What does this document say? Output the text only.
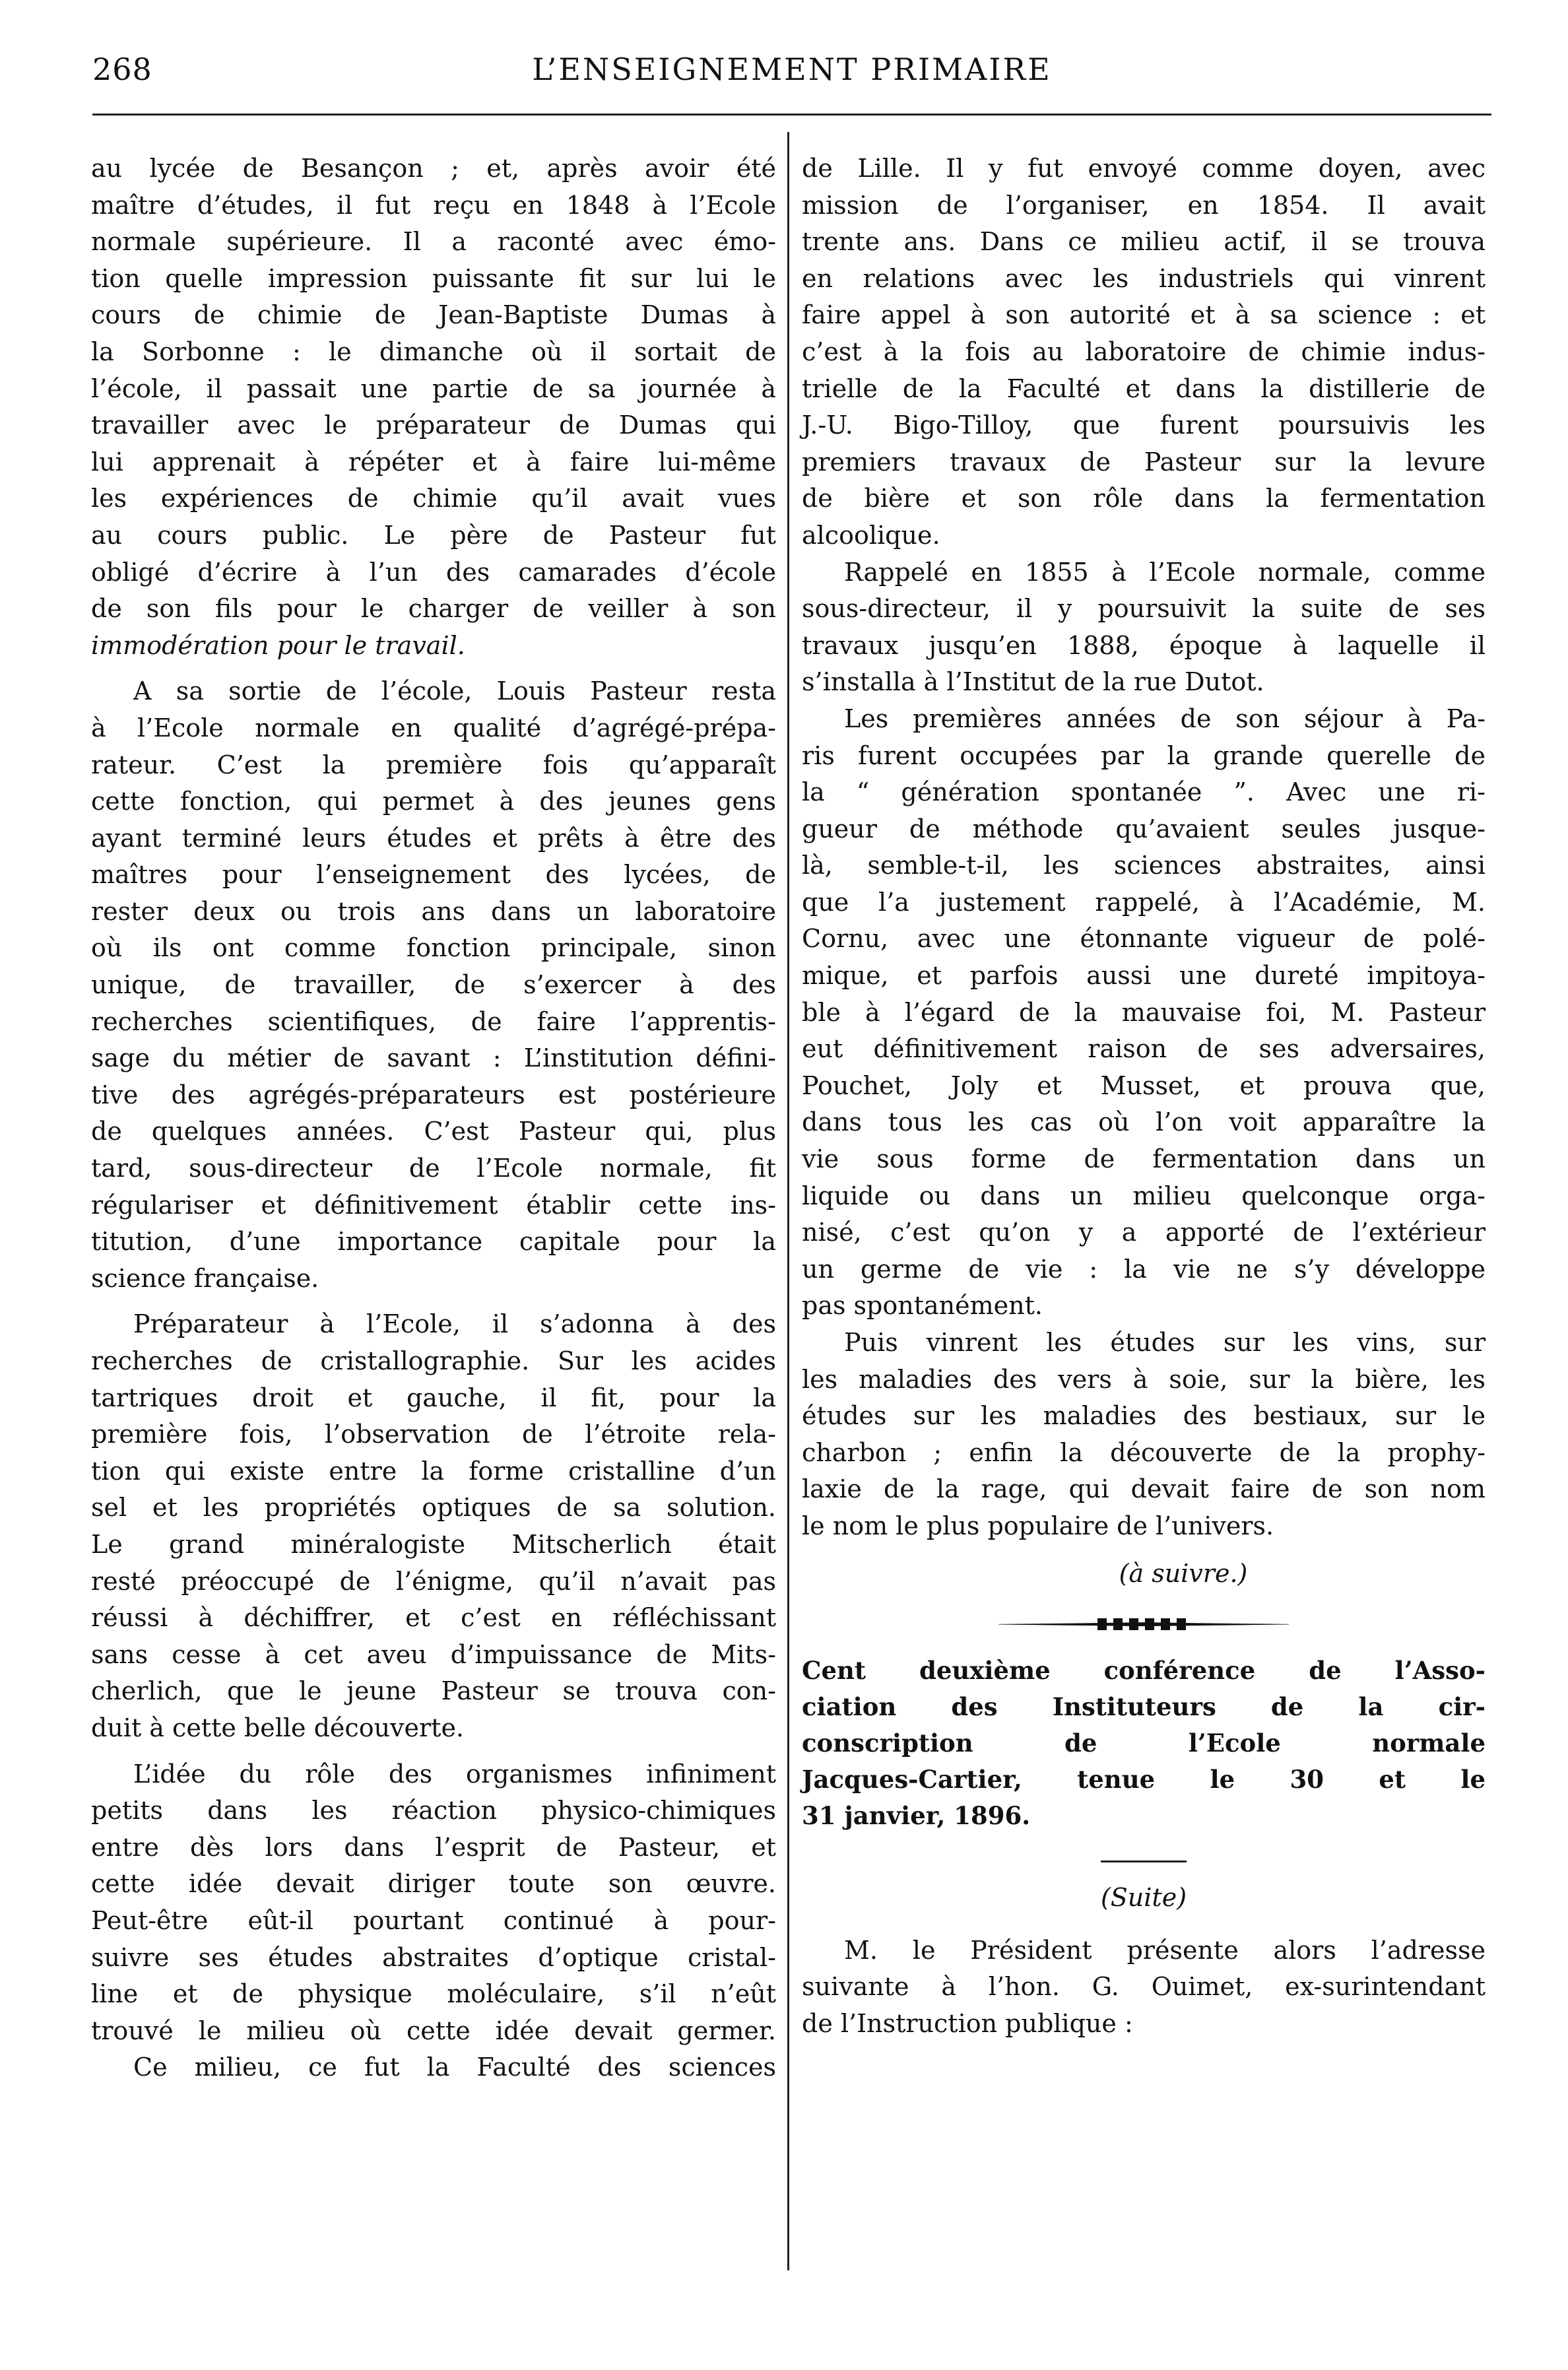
268	L’ENSEIGNEMENT PRIMAIRE
au lycée de Besançon ; et, après avoir été
maître d’études, il fut reçu en 1848 à l’Ecole
normale supérieure. Il a raconté avec émo-
tion quelle impression puissante fit sur lui le
cours de chimie de Jean-Baptiste Dumas à
la Sorbonne : le dimanche où il sortait de
l’école, il passait une partie de sa journée à
travailler avec le préparateur de Dumas qui
lui apprenait à répéter et à faire lui-même
les expériences de chimie qu’il avait vues
au cours public. Le père de Pasteur fut
obligé d’écrire à l’un des camarades d’école
de son fils pour le charger de veiller à son
immodération pour le travail.
A sa sortie de l’école, Louis Pasteur resta
à l’Ecole normale en qualité d’agrégé-prépa-
rateur. C’est la première fois qu’apparaît
cette fonction, qui permet à des jeunes gens
ayant terminé leurs études et prêts à être des
maîtres pour l’enseignement des lycées, de
rester deux ou trois ans dans un laboratoire
où ils ont comme fonction principale, sinon
unique, de travailler, de s’exercer à des
recherches scientifiques, de faire l’apprentis-
sage du métier de savant : L’institution défini-
tive des agrégés-préparateurs est postérieure
de quelques années. C’est Pasteur qui, plus
tard, sous-directeur de l’Ecole normale, fit
régulariser et définitivement établir cette ins-
titution, d’une importance capitale pour la
science française.
Préparateur à l’Ecole, il s’adonna à des
recherches de cristallographie. Sur les acides
tartriques droit et gauche, il fit, pour la
première fois, l’observation de l’étroite rela-
tion qui existe entre la forme cristalline d’un
sel et les propriétés optiques de sa solution.
Le grand minéralogiste Mitscherlich était
resté préoccupé de l’énigme, qu’il n’avait pas
réussi à déchiffrer, et c’est en réfléchissant
sans cesse à cet aveu d’impuissance de Mits-
cherlich, que le jeune Pasteur se trouva con-
duit à cette belle découverte.
L’idée du rôle des organismes infiniment
petits dans les réaction physico-chimiques
entre dès lors dans l’esprit de Pasteur, et
cette idée devait diriger toute son œuvre.
Peut-être eût-il pourtant continué à pour-
suivre ses études abstraites d’optique cristal-
line et de physique moléculaire, s’il n’eût
trouvé le milieu où cette idée devait germer.
Ce milieu, ce fut la Faculté des sciences
de Lille. Il y fut envoyé comme doyen, avec
mission de l’organiser, en 1854. Il avait
trente ans. Dans ce milieu actif, il se trouva
en relations avec les industriels qui vinrent
faire appel à son autorité et à sa science : et
c’est à la fois au laboratoire de chimie indus-
trielle de la Faculté et dans la distillerie de
J.-U. Bigo-Tilloy, que furent poursuivis les
premiers travaux de Pasteur sur la levure
de bière et son rôle dans la fermentation
alcoolique.
Rappelé en 1855 à l’Ecole normale, comme
sous-directeur, il y poursuivit la suite de ses
travaux jusqu’en 1888, époque à laquelle il
s’installa à l’Institut de la rue Dutot.
Les premières années de son séjour à Pa-
ris furent occupées par la grande querelle de
la “ génération spontanée ”. Avec une ri-
gueur de méthode qu’avaient seules jusque-
là, semble-t-il, les sciences abstraites, ainsi
que l’a justement rappelé, à l’Académie, M.
Cornu, avec une étonnante vigueur de polé-
mique, et parfois aussi une dureté impitoya-
ble à l’égard de la mauvaise foi, M. Pasteur
eut définitivement raison de ses adversaires,
Pouchet, Joly et Musset, et prouva que,
dans tous les cas où l’on voit apparaître la
vie sous forme de fermentation dans un
liquide ou dans un milieu quelconque orga-
nisé, c’est qu’on y a apporté de l’extérieur
un germe de vie : la vie ne s’y développe
pas spontanément.
Puis vinrent les études sur les vins, sur
les maladies des vers à soie, sur la bière, les
études sur les maladies des bestiaux, sur le
charbon ; enfin la découverte de la prophy-
laxie de la rage, qui devait faire de son nom
le nom le plus populaire de l’univers.
(à suivre.)
Cent deuxième conférence de l’Asso-
ciation des Instituteurs de la cir-
conscription de l’Ecole normale
Jacques-Cartier, tenue le 30 et le
31 janvier, 1896.
(Suite)
M. le Président présente alors l’adresse
suivante à l’hon. G. Ouimet, ex-surintendant
de l’Instruction publique :
